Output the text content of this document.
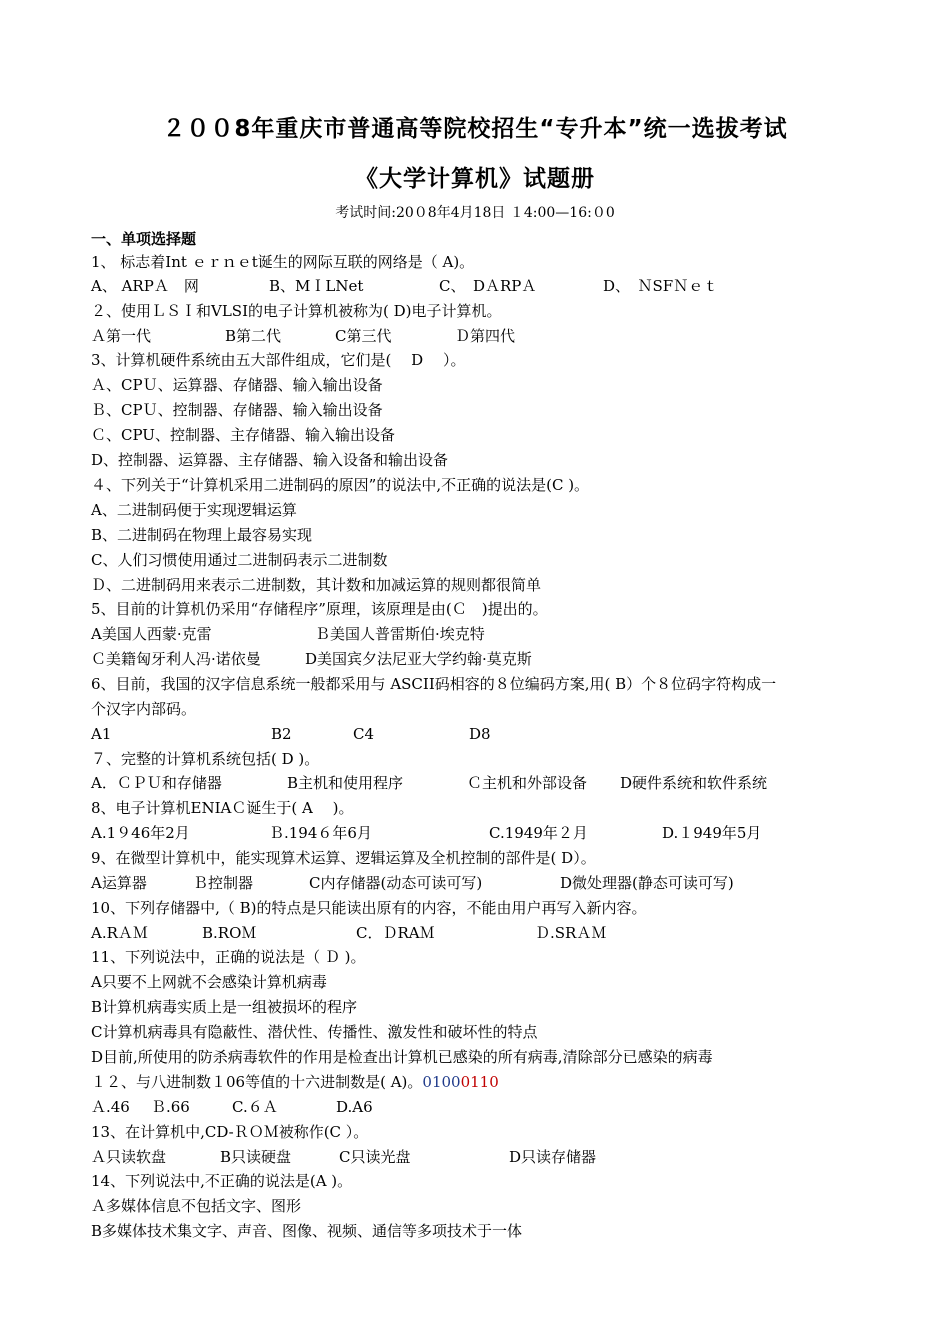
２００8年重庆市普通高等院校招生“专升本”统一选拔考试
《大学计算机》试题册
考试时间:20０8年4月18日 １4:00—16:０0
一、单项选择题
1、 标志着Int ｅｒｎｅt诞生的网际互联的网络是（ A)。
A、 ARPＡ　网	B、MＩLNet	C、　DＡRPＡ	D、　ＮSFＮｅｔ
２、使用ＬＳＩ和VLSI的电子计算机被称为( D)电子计算机。
Ａ第一代	B第二代	C第三代	Ｄ第四代
3、计算机硬件系统由五大部件组成，它们是(　 D　 ）。
Ａ、CPＵ、运算器、存储器、输入输出设备
Ｂ、CPＵ、控制器、存储器、输入输出设备
Ｃ、CPU、控制器、主存储器、输入输出设备
D、控制器、运算器、主存储器、输入设备和输出设备
４、下列关于“计算机采用二进制码的原因”的说法中,不正确的说法是(C )。
A、二进制码便于实现逻辑运算
B、二进制码在物理上最容易实现
C、人们习惯使用通过二进制码表示二进制数
Ｄ、二进制码用来表示二进制数，其计数和加减运算的规则都很简单
5、目前的计算机仍采用“存储程序”原理，该原理是由(Ｃ　)提出的。
A美国人西蒙·克雷	Ｂ美国人普雷斯伯·埃克特
Ｃ美籍匈牙利人冯·诺依曼	D美国宾夕法尼亚大学约翰·莫克斯
6、目前，我国的汉字信息系统一般都采用与 ASCII码相容的８位编码方案,用( B）个８位码字符构成一
个汉字内部码。
A1	B2	C4	D8
７、完整的计算机系统包括( D )。
A．ＣＰＵ和存储器	B主机和使用程序	Ｃ主机和外部设备 D硬件系统和软件系统
8、电子计算机ENIAＣ诞生于( A　 )。
A.1９46年2月	Ｂ.194６年6月	C.1949年２月	D.１949年5月
9、在微型计算机中，能实现算术运算、逻辑运算及全机控制的部件是( D）。
A运算器	Ｂ控制器	C内存储器(动态可读可写)	D微处理器(静态可读可写)
10、下列存储器中,（ B)的特点是只能读出原有的内容，不能由用户再写入新内容。
A.RＡＭ	B.ROＭ	C．ＤRAＭ	Ｄ.SRＡＭ
11、下列说法中，正确的说法是（ Ｄ )。
A只要不上网就不会感染计算机病毒
B计算机病毒实质上是一组被损坏的程序
C计算机病毒具有隐蔽性、潜伏性、传播性、激发性和破坏性的特点
D目前,所使用的防杀病毒软件的作用是检查出计算机已感染的所有病毒,清除部分已感染的病毒
１２、与八进制数１06等值的十六进制数是( A)。01000110
Ａ.46 Ｂ.66	C.６Ａ	D.A6
13、在计算机中,CD-ＲＯＭ被称作(C ）。
Ａ只读软盘	B只读硬盘	C只读光盘	D只读存储器
14、下列说法中,不正确的说法是(A )。
Ａ多媒体信息不包括文字、图形
B多媒体技术集文字、声音、图像、视频、通信等多项技术于一体
